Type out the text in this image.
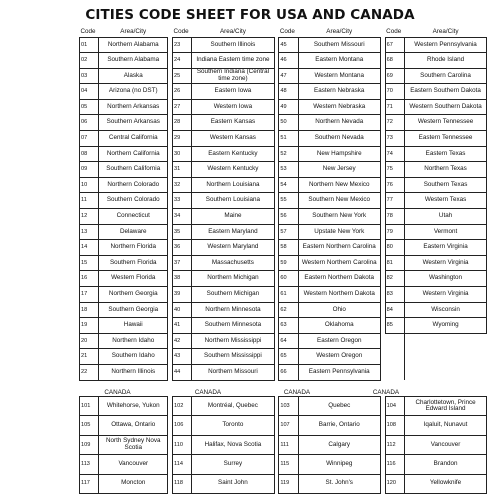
CITIES CODE SHEET FOR USA AND CANADA
Code	Area/City		Code	Area/City		Code	Area/City		Code	Area/City	
01	Northern Alabama		23	Southern Illinois		45	Southern Missouri		67	Western Pennsylvania	
02	Southern Alabama		24	Indiana Eastern time zone		46	Eastern Montana		68	Rhode Island	
03	Alaska		25	Southern Indiana (Central time zone)		47	Western Montana		69	Southern Carolina	
04	Arizona (no DST)		26	Eastern Iowa		48	Eastern Nebraska		70	Eastern Southern Dakota	
05	Northern Arkansas		27	Western Iowa		49	Western Nebraska		71	Western Southern Dakota	
06	Southern Arkansas		28	Eastern Kansas		50	Northern Nevada		72	Western Tennessee	
07	Central California		29	Western Kansas		51	Southern Nevada		73	Eastern Tennessee	
08	Northern California		30	Eastern Kentucky		52	New Hampshire		74	Eastern Texas	
09	Southern California		31	Western Kentucky		53	New Jersey		75	Northern Texas	
10	Northern Colorado		32	Northern Louisiana		54	Northern New Mexico		76	Southern Texas	
11	Southern Colorado		33	Southern Louisiana		55	Southern New Mexico		77	Western Texas	
12	Connecticut		34	Maine		56	Southern New York		78	Utah	
13	Delaware		35	Eastern Maryland		57	Upstate New York		79	Vermont	
14	Northern Florida		36	Western Maryland		58	Eastern Northern Carolina		80	Eastern Virginia	
15	Southern Florida		37	Massachusetts		59	Western Northern Carolina		81	Western Virginia	
16	Western Florida		38	Northern Michigan		60	Eastern Northern Dakota		82	Washington	
17	Northern Georgia		39	Southern Michigan		61	Western Northern Dakota		83	Western Virginia	
18	Southern Georgia		40	Northern Minnesota		62	Ohio		84	Wisconsin	
19	Hawaii		41	Southern Minnesota		63	Oklahoma		85	Wyoming	
20	Northern Idaho		42	Northern Mississippi		64	Eastern Oregon				
21	Southern Idaho		43	Southern Mississippi		65	Western Oregon				
22	Northern Illinois		44	Northern Missouri		66	Eastern Pennsylvania				
CANADA	CANADA	CANADA	CANADA
101	Whitehorse, Yukon		102	Montréal, Quebec		103	Quebec		104	Charlottetown, Prince Edward Island	
105	Ottawa, Ontario		106	Toronto		107	Barrie, Ontario		108	Iqaluit, Nunavut	
109	North Sydney Nova Scotia		110	Halifax, Nova Scotia		111	Calgary		112	Vancouver	
113	Vancouver		114	Surrey		115	Winnipeg		116	Brandon	
117	Moncton		118	Saint John		119	St. John's		120	Yellowknife	
